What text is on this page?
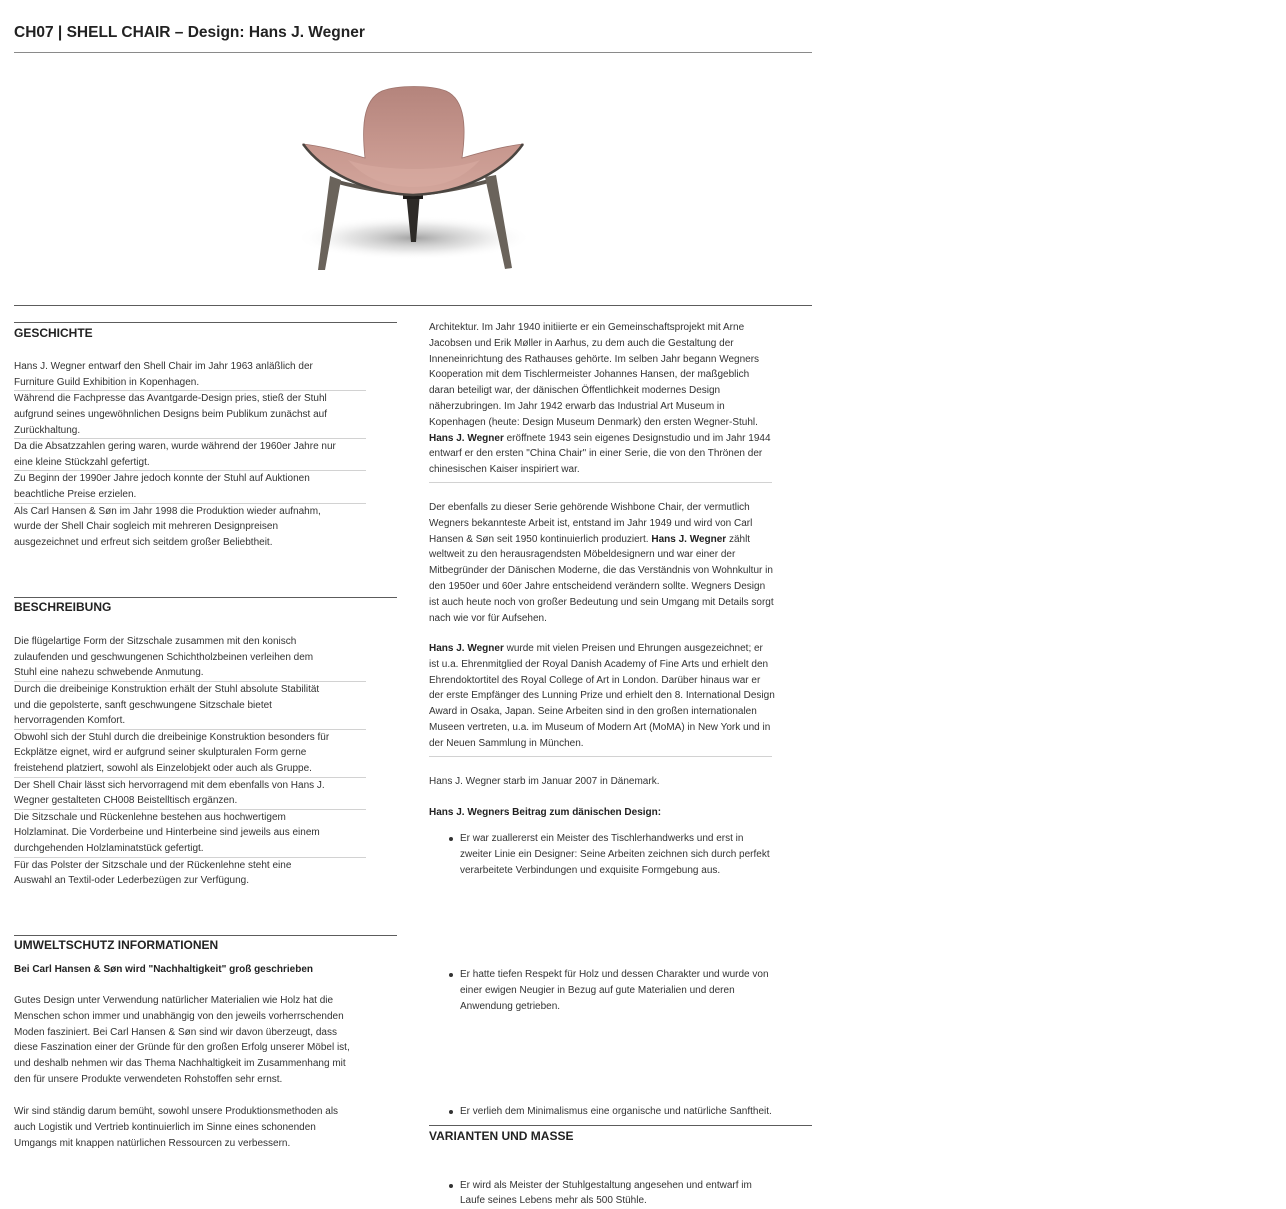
CH07 | SHELL CHAIR – Design: Hans J. Wegner
GESCHICHTE
Hans J. Wegner entwarf den Shell Chair im Jahr 1963 anläßlich der
Furniture Guild Exhibition in Kopenhagen.
Während die Fachpresse das Avantgarde-Design pries, stieß der Stuhl
aufgrund seines ungewöhnlichen Designs beim Publikum zunächst auf
Zurückhaltung.
Da die Absatzzahlen gering waren, wurde während der 1960er Jahre nur
eine kleine Stückzahl gefertigt.
Zu Beginn der 1990er Jahre jedoch konnte der Stuhl auf Auktionen
beachtliche Preise erzielen.
Als Carl Hansen & Søn im Jahr 1998 die Produktion wieder aufnahm,
wurde der Shell Chair sogleich mit mehreren Designpreisen
ausgezeichnet und erfreut sich seitdem großer Beliebtheit.
BESCHREIBUNG
Die flügelartige Form der Sitzschale zusammen mit den konisch
zulaufenden und geschwungenen Schichtholzbeinen verleihen dem
Stuhl eine nahezu schwebende Anmutung.
Durch die dreibeinige Konstruktion erhält der Stuhl absolute Stabilität
und die gepolsterte, sanft geschwungene Sitzschale bietet
hervorragenden Komfort.
Obwohl sich der Stuhl durch die dreibeinige Konstruktion besonders für
Eckplätze eignet, wird er aufgrund seiner skulpturalen Form gerne
freistehend platziert, sowohl als Einzelobjekt oder auch als Gruppe.
Der Shell Chair lässt sich hervorragend mit dem ebenfalls von Hans J.
Wegner gestalteten CH008 Beistelltisch ergänzen.
Die Sitzschale und Rückenlehne bestehen aus hochwertigem
Holzlaminat. Die Vorderbeine und Hinterbeine sind jeweils aus einem
durchgehenden Holzlaminatstück gefertigt.
Für das Polster der Sitzschale und der Rückenlehne steht eine
Auswahl an Textil-oder Lederbezügen zur Verfügung.
UMWELTSCHUTZ INFORMATIONEN
Bei Carl Hansen & Søn wird "Nachhaltigkeit" groß geschrieben
Gutes Design unter Verwendung natürlicher Materialien wie Holz hat die
Menschen schon immer und unabhängig von den jeweils vorherrschenden
Moden fasziniert. Bei Carl Hansen & Søn sind wir davon überzeugt, dass
diese Faszination einer der Gründe für den großen Erfolg unserer Möbel ist,
und deshalb nehmen wir das Thema Nachhaltigkeit im Zusammenhang mit
den für unsere Produkte verwendeten Rohstoffen sehr ernst.
Wir sind ständig darum bemüht, sowohl unsere Produktionsmethoden als
auch Logistik und Vertrieb kontinuierlich im Sinne eines schonenden
Umgangs mit knappen natürlichen Ressourcen zu verbessern.
Architektur. Im Jahr 1940 initiierte er ein Gemeinschaftsprojekt mit Arne
Jacobsen und Erik Møller in Aarhus, zu dem auch die Gestaltung der
Inneneinrichtung des Rathauses gehörte. Im selben Jahr begann Wegners
Kooperation mit dem Tischlermeister Johannes Hansen, der maßgeblich
daran beteiligt war, der dänischen Öffentlichkeit modernes Design
näherzubringen. Im Jahr 1942 erwarb das Industrial Art Museum in
Kopenhagen (heute: Design Museum Denmark) den ersten Wegner-Stuhl.
Hans J. Wegner eröffnete 1943 sein eigenes Designstudio und im Jahr 1944
entwarf er den ersten "China Chair" in einer Serie, die von den Thrönen der
chinesischen Kaiser inspiriert war.
Der ebenfalls zu dieser Serie gehörende Wishbone Chair, der vermutlich
Wegners bekannteste Arbeit ist, entstand im Jahr 1949 und wird von Carl
Hansen & Søn seit 1950 kontinuierlich produziert. Hans J. Wegner zählt
weltweit zu den herausragendsten Möbeldesignern und war einer der
Mitbegründer der Dänischen Moderne, die das Verständnis von Wohnkultur in
den 1950er und 60er Jahre entscheidend verändern sollte. Wegners Design
ist auch heute noch von großer Bedeutung und sein Umgang mit Details sorgt
nach wie vor für Aufsehen.
Hans J. Wegner wurde mit vielen Preisen und Ehrungen ausgezeichnet; er
ist u.a. Ehrenmitglied der Royal Danish Academy of Fine Arts und erhielt den
Ehrendoktortitel des Royal College of Art in London. Darüber hinaus war er
der erste Empfänger des Lunning Prize und erhielt den 8. International Design
Award in Osaka, Japan. Seine Arbeiten sind in den großen internationalen
Museen vertreten, u.a. im Museum of Modern Art (MoMA) in New York und in
der Neuen Sammlung in München.
Hans J. Wegner starb im Januar 2007 in Dänemark.
Hans J. Wegners Beitrag zum dänischen Design:
Er war zuallererst ein Meister des Tischlerhandwerks und erst in
zweiter Linie ein Designer: Seine Arbeiten zeichnen sich durch perfekt
verarbeitete Verbindungen und exquisite Formgebung aus.
Er hatte tiefen Respekt für Holz und dessen Charakter und wurde von
einer ewigen Neugier in Bezug auf gute Materialien und deren
Anwendung getrieben.
Er verlieh dem Minimalismus eine organische und natürliche Sanftheit.
Er wird als Meister der Stuhlgestaltung angesehen und entwarf im
Laufe seines Lebens mehr als 500 Stühle.
VARIANTEN UND MASSE
